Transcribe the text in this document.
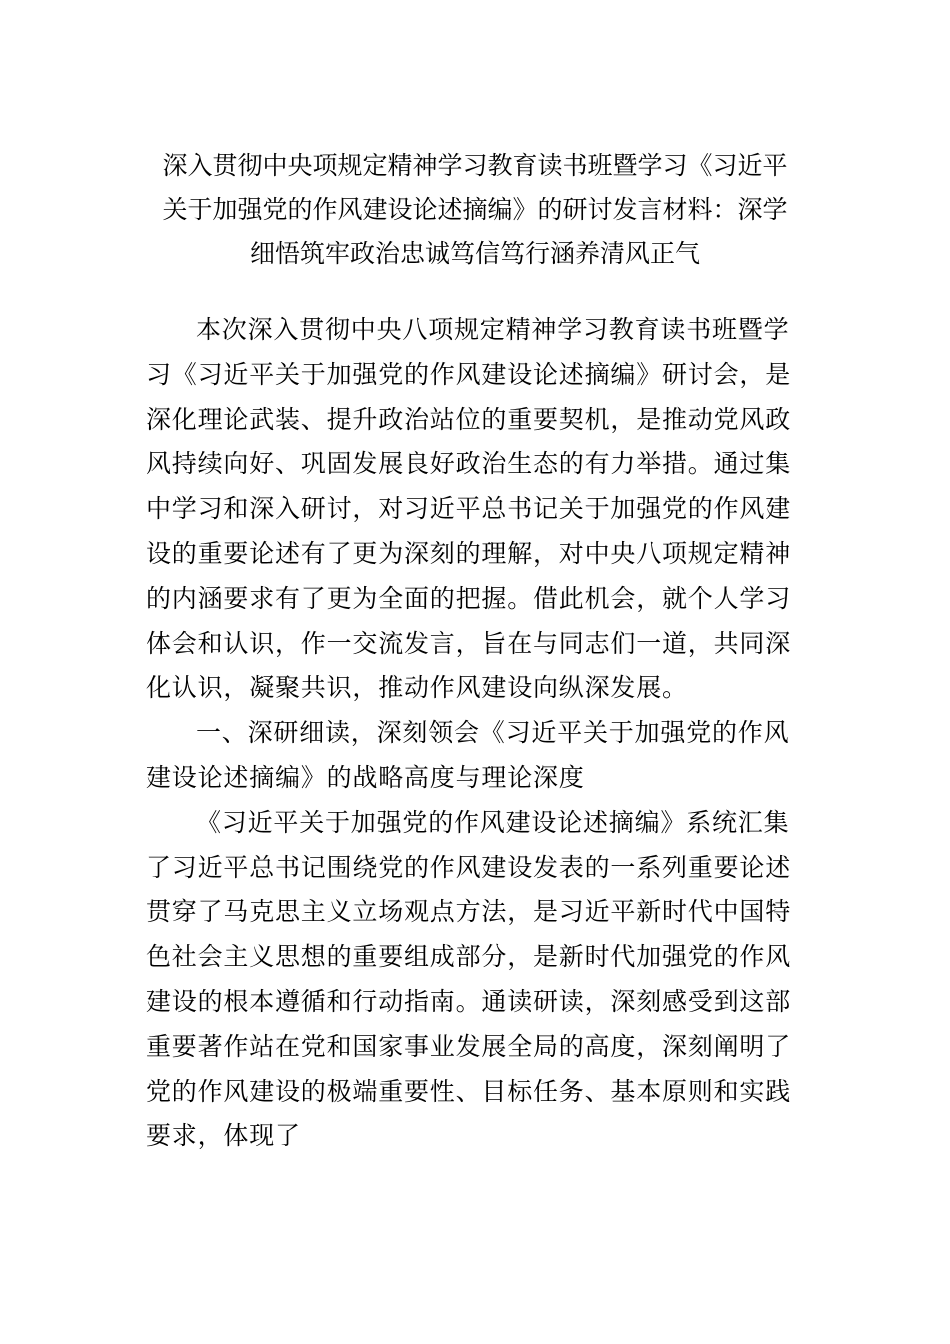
深入贯彻中央项规定精神学习教育读书班暨学习《习近平
关于加强党的作风建设论述摘编》的研讨发言材料：深学
细悟筑牢政治忠诚笃信笃行涵养清风正气
本次深入贯彻中央八项规定精神学习教育读书班暨学
习《习近平关于加强党的作风建设论述摘编》研讨会，是
深化理论武装、提升政治站位的重要契机，是推动党风政
风持续向好、巩固发展良好政治生态的有力举措。通过集
中学习和深入研讨，对习近平总书记关于加强党的作风建
设的重要论述有了更为深刻的理解，对中央八项规定精神
的内涵要求有了更为全面的把握。借此机会，就个人学习
体会和认识，作一交流发言，旨在与同志们一道，共同深
化认识，凝聚共识，推动作风建设向纵深发展。
一、深研细读，深刻领会《习近平关于加强党的作风
建设论述摘编》的战略高度与理论深度
《习近平关于加强党的作风建设论述摘编》系统汇集
了习近平总书记围绕党的作风建设发表的一系列重要论述
贯穿了马克思主义立场观点方法，是习近平新时代中国特
色社会主义思想的重要组成部分，是新时代加强党的作风
建设的根本遵循和行动指南。通读研读，深刻感受到这部
重要著作站在党和国家事业发展全局的高度，深刻阐明了
党的作风建设的极端重要性、目标任务、基本原则和实践
要求，体现了
